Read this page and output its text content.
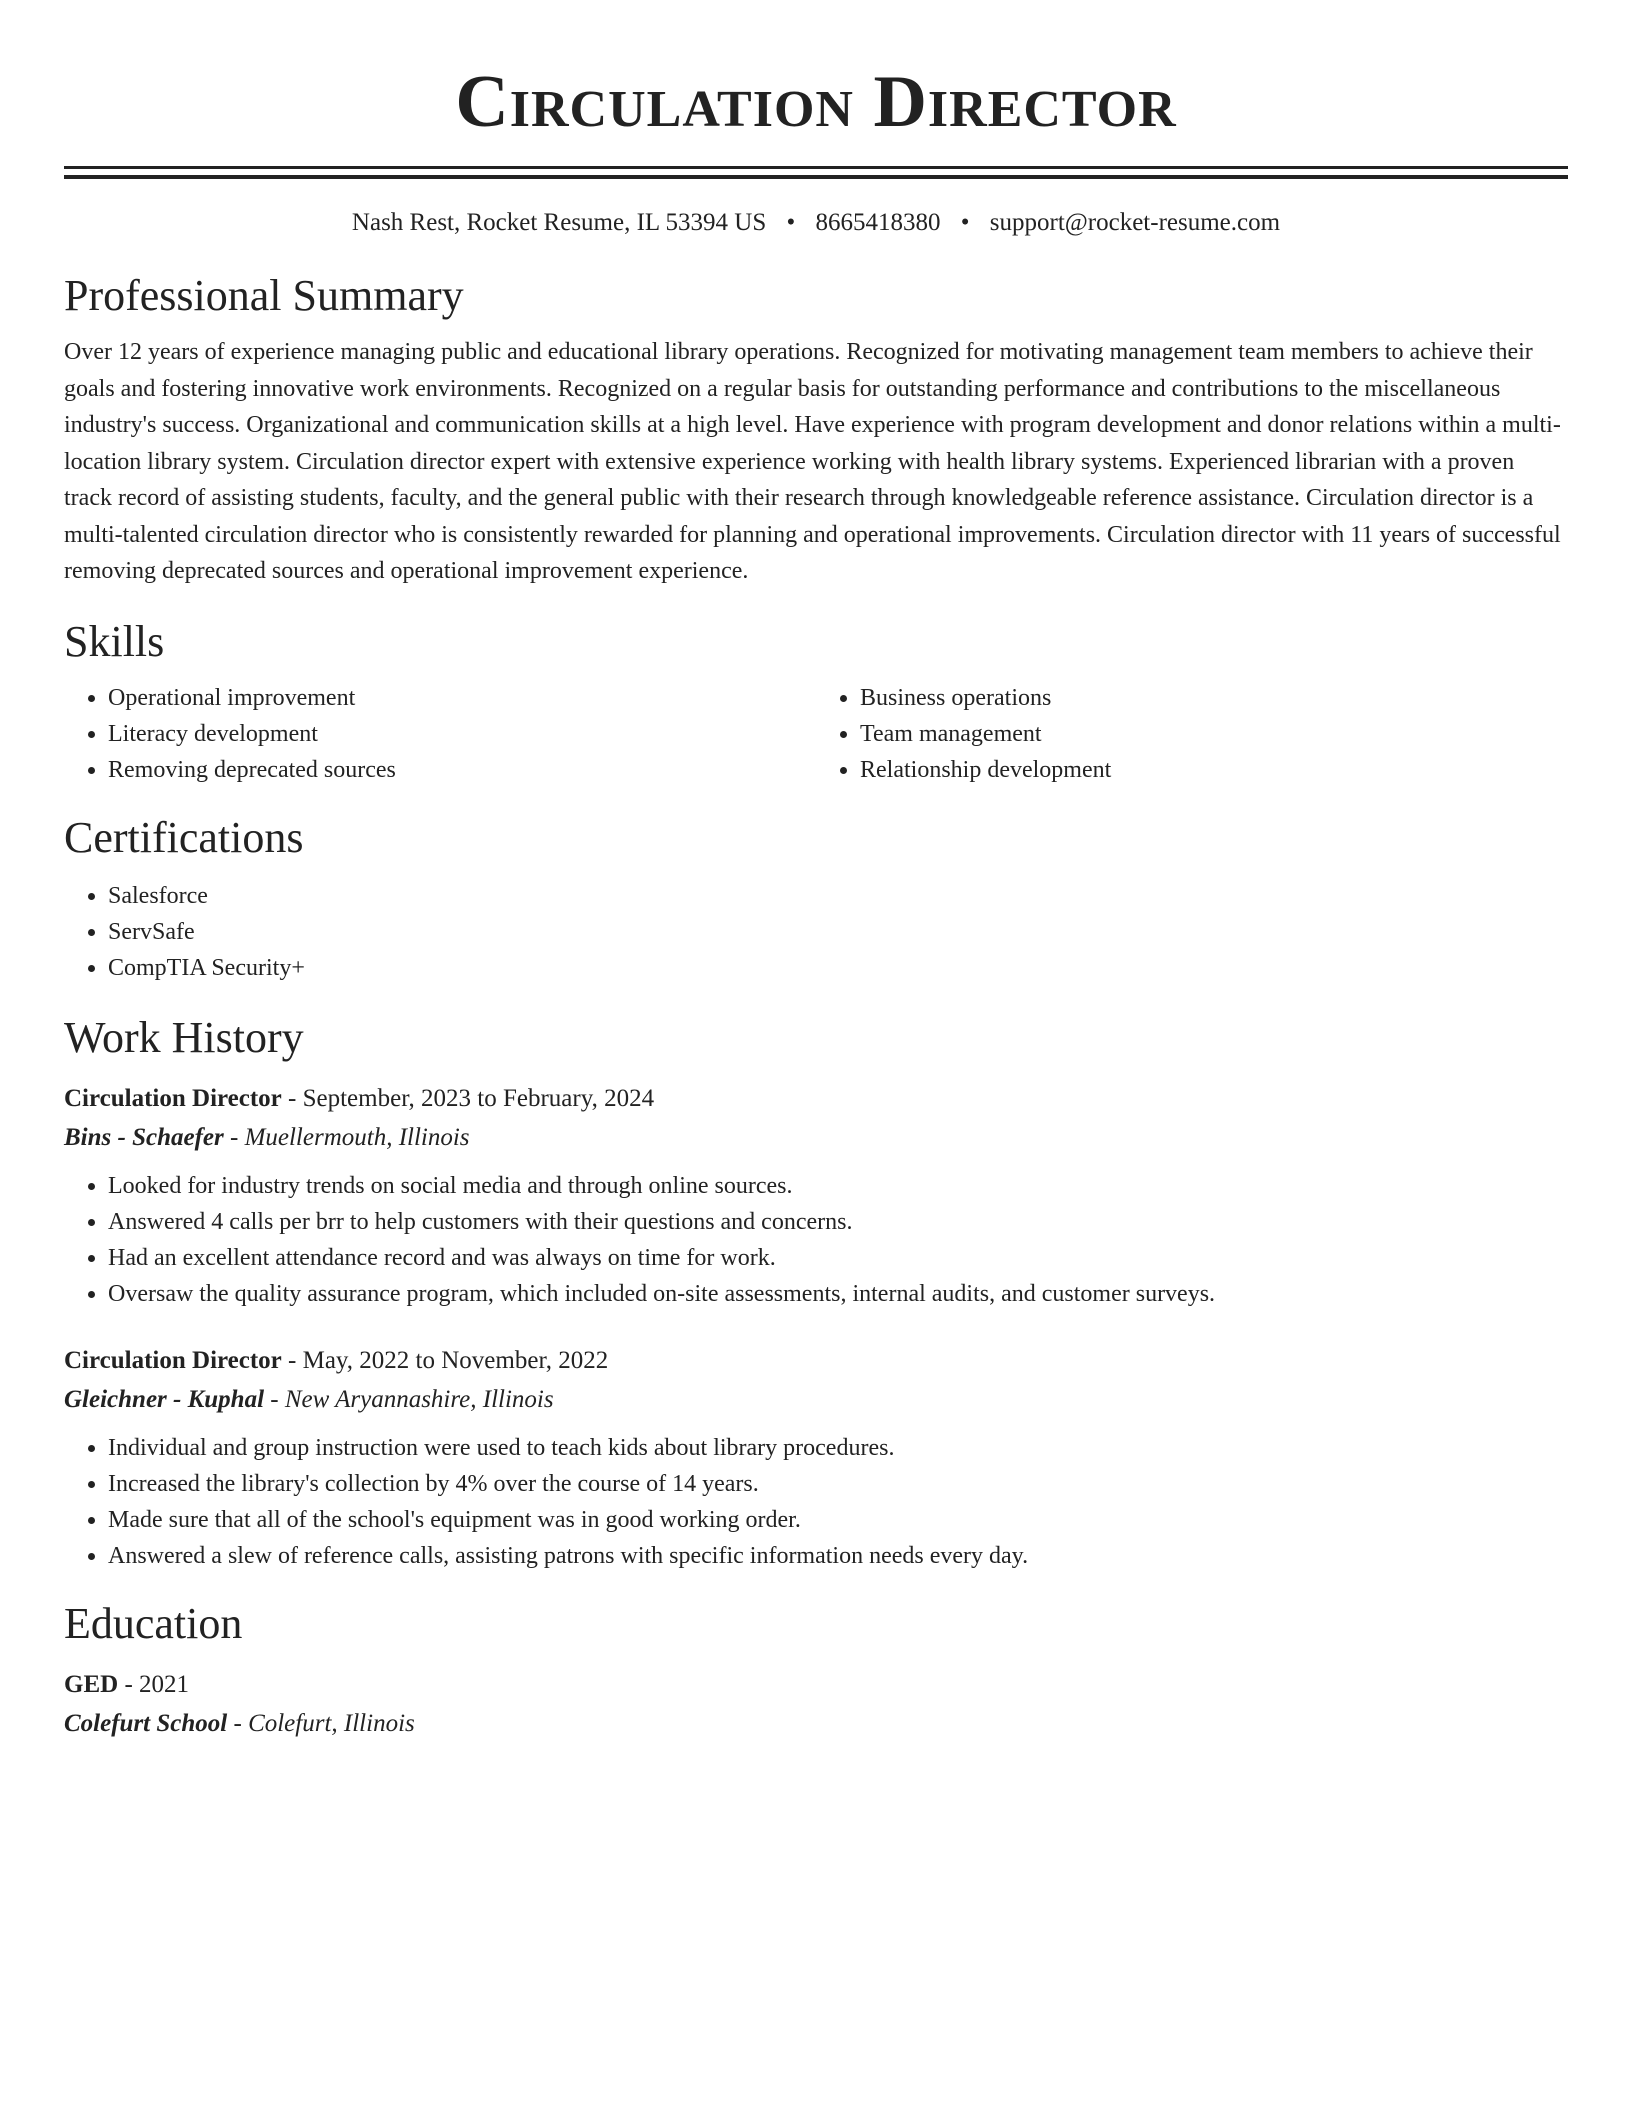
Circulation Director
Nash Rest, Rocket Resume, IL 53394 US • 8665418380 • support@rocket-resume.com
Professional Summary
Over 12 years of experience managing public and educational library operations. Recognized for motivating management team members to achieve their goals and fostering innovative work environments. Recognized on a regular basis for outstanding performance and contributions to the miscellaneous industry's success. Organizational and communication skills at a high level. Have experience with program development and donor relations within a multi-location library system. Circulation director expert with extensive experience working with health library systems. Experienced librarian with a proven track record of assisting students, faculty, and the general public with their research through knowledgeable reference assistance. Circulation director is a multi-talented circulation director who is consistently rewarded for planning and operational improvements. Circulation director with 11 years of successful removing deprecated sources and operational improvement experience.
Skills
• Operational improvement
• Literacy development
• Removing deprecated sources
• Business operations
• Team management
• Relationship development
Certifications
• Salesforce
• ServSafe
• CompTIA Security+
Work History
Circulation Director - September, 2023 to February, 2024
Bins - Schaefer - Muellermouth, Illinois
• Looked for industry trends on social media and through online sources.
• Answered 4 calls per brr to help customers with their questions and concerns.
• Had an excellent attendance record and was always on time for work.
• Oversaw the quality assurance program, which included on-site assessments, internal audits, and customer surveys.
Circulation Director - May, 2022 to November, 2022
Gleichner - Kuphal - New Aryannashire, Illinois
• Individual and group instruction were used to teach kids about library procedures.
• Increased the library's collection by 4% over the course of 14 years.
• Made sure that all of the school's equipment was in good working order.
• Answered a slew of reference calls, assisting patrons with specific information needs every day.
Education
GED - 2021
Colefurt School - Colefurt, Illinois
